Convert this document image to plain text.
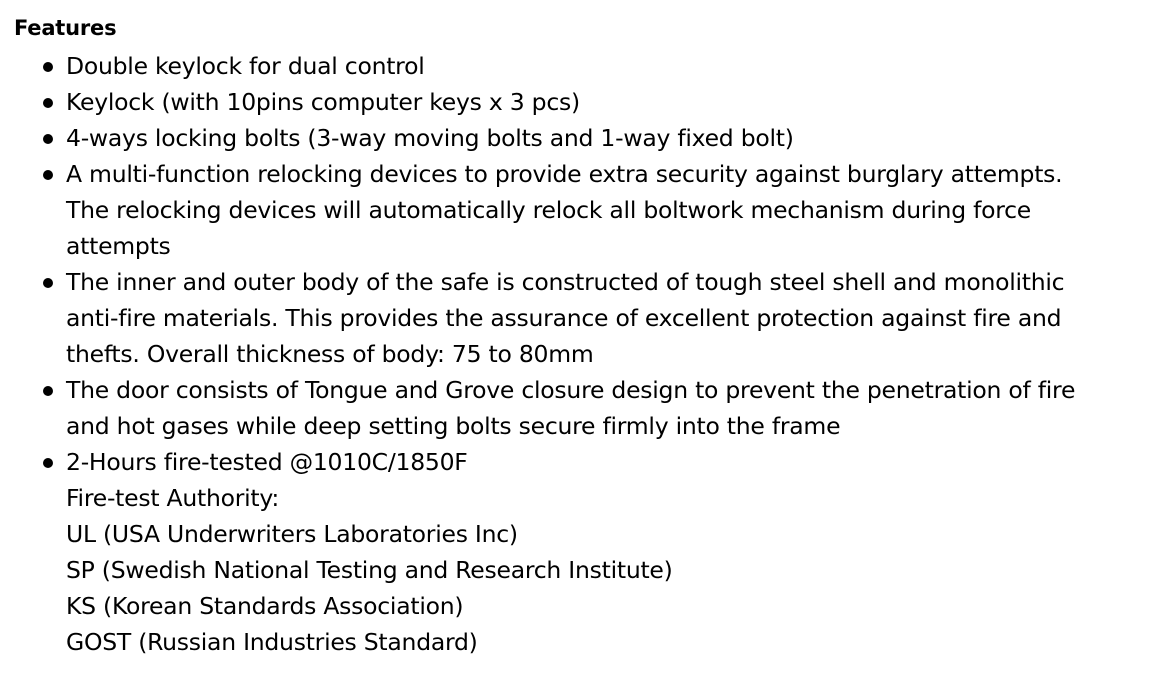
Features
Double keylock for dual control
Keylock (with 10pins computer keys x 3 pcs)
4-ways locking bolts (3-way moving bolts and 1-way fixed bolt)
A multi-function relocking devices to provide extra security against burglary attempts.
The relocking devices will automatically relock all boltwork mechanism during force
attempts
The inner and outer body of the safe is constructed of tough steel shell and monolithic
anti-fire materials. This provides the assurance of excellent protection against fire and
thefts. Overall thickness of body: 75 to 80mm
The door consists of Tongue and Grove closure design to prevent the penetration of fire
and hot gases while deep setting bolts secure firmly into the frame
2-Hours fire-tested @1010C/1850F
Fire-test Authority:
UL (USA Underwriters Laboratories Inc)
SP (Swedish National Testing and Research Institute)
KS (Korean Standards Association)
GOST (Russian Industries Standard)
